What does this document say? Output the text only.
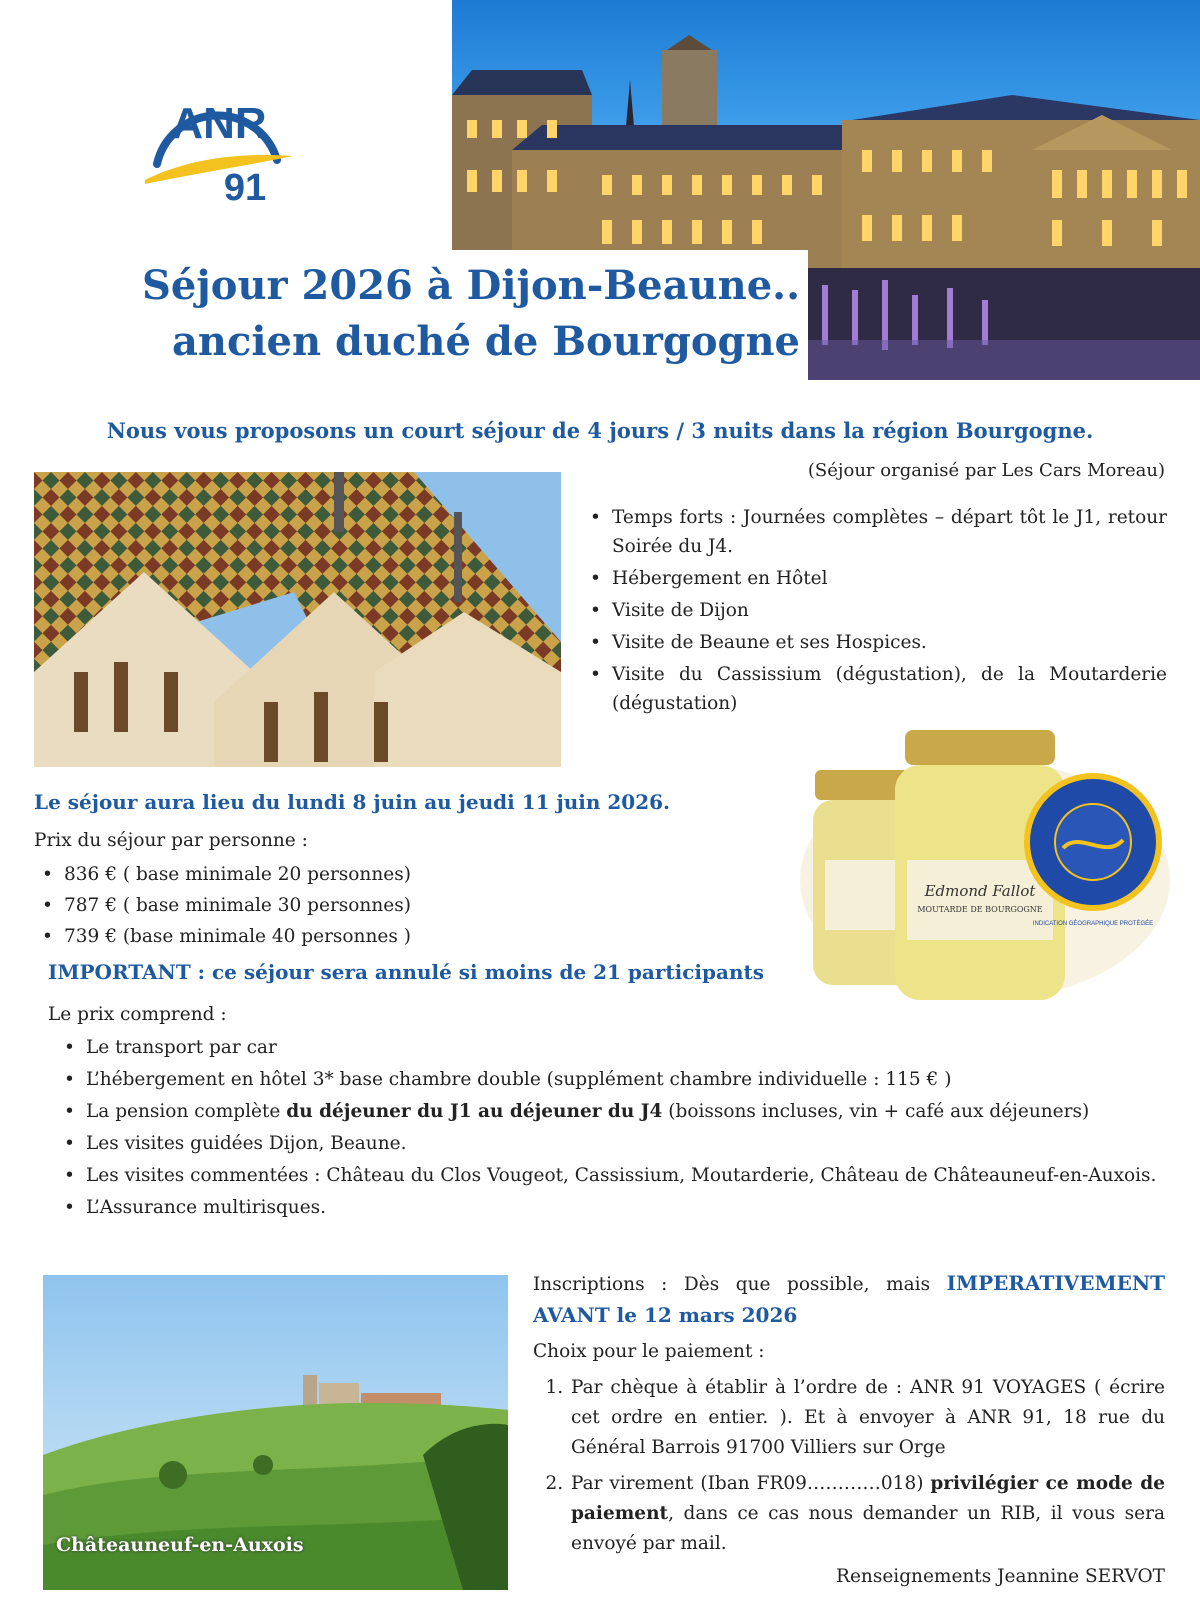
ANR
91
Séjour 2026 à Dijon-Beaune..
ancien duché de Bourgogne
Nous vous proposons un court séjour de 4 jours / 3 nuits dans la région Bourgogne.
(Séjour organisé par Les Cars Moreau)
• Temps forts : Journées complètes – départ tôt le J1, retour Soirée du J4.
• Hébergement en Hôtel
• Visite de Dijon
• Visite de Beaune et ses Hospices.
• Visite du Cassissium (dégustation), de la Moutarderie (dégustation)
Edmond Fallot
MOUTARDE DE BOURGOGNE
INDICATION GÉOGRAPHIQUE PROTÉGÉE
Le séjour aura lieu du lundi 8 juin au jeudi 11 juin 2026.
Prix du séjour par personne :
• 836 € ( base minimale 20 personnes)
• 787 € ( base minimale 30 personnes)
• 739 € (base minimale 40 personnes )
IMPORTANT : ce séjour sera annulé si moins de 21 participants
Le prix comprend :
• Le transport par car
• L’hébergement en hôtel 3* base chambre double (supplément chambre individuelle : 115 € )
• La pension complète du déjeuner du J1 au déjeuner du J4 (boissons incluses, vin + café aux déjeuners)
• Les visites guidées Dijon, Beaune.
• Les visites commentées : Château du Clos Vougeot, Cassissium, Moutarderie, Château de Châteauneuf-en-Auxois.
• L’Assurance multirisques.
Châteauneuf-en-Auxois
Inscriptions : Dès que possible, mais IMPERATIVEMENT AVANT le 12 mars 2026
Choix pour le paiement :
1. Par chèque à établir à l’ordre de : ANR 91 VOYAGES ( écrire cet ordre en entier. ). Et à envoyer à ANR 91, 18 rue du Général Barrois 91700 Villiers sur Orge
2. Par virement (Iban FR09…………018) privilégier ce mode de paiement, dans ce cas nous demander un RIB, il vous sera envoyé par mail.
Renseignements Jeannine SERVOT
